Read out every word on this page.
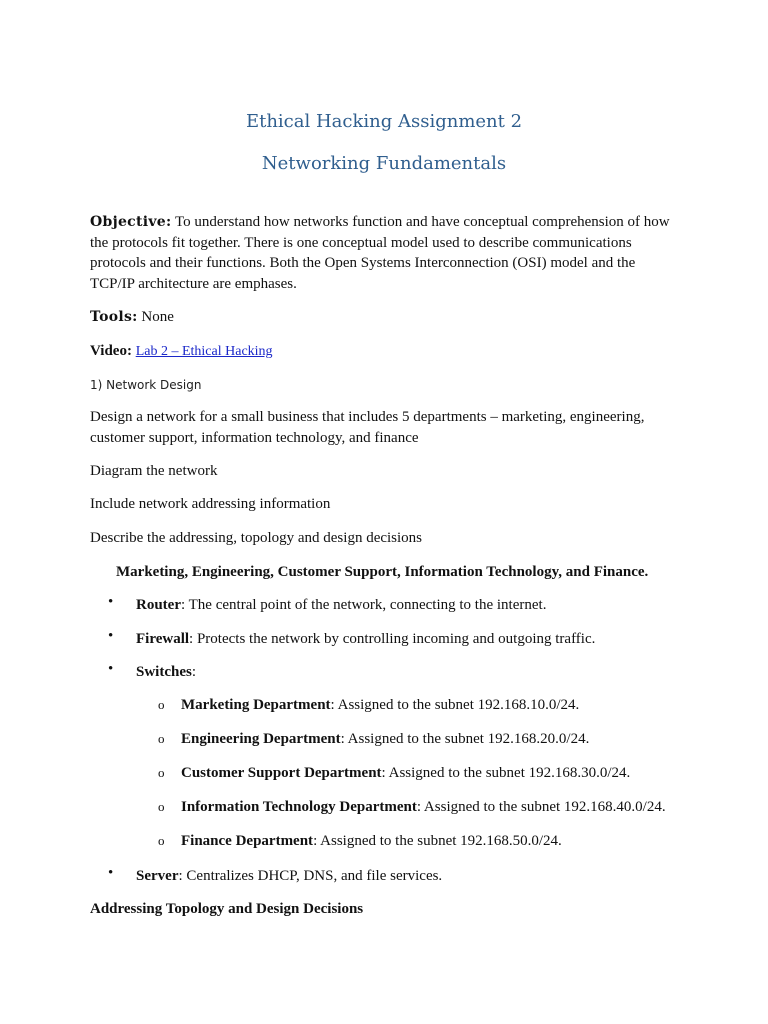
Ethical Hacking Assignment 2
Networking Fundamentals
Objective: To understand how networks function and have conceptual comprehension of how the protocols fit together. There is one conceptual model used to describe communications protocols and their functions. Both the Open Systems Interconnection (OSI) model and the TCP/IP architecture are emphases.
Tools: None
Video: Lab 2 – Ethical Hacking
1) Network Design
Design a network for a small business that includes 5 departments – marketing, engineering, customer support, information technology, and finance
Diagram the network
Include network addressing information
Describe the addressing, topology and design decisions
Marketing, Engineering, Customer Support, Information Technology, and Finance.
• Router: The central point of the network, connecting to the internet.
• Firewall: Protects the network by controlling incoming and outgoing traffic.
• Switches:
o Marketing Department: Assigned to the subnet 192.168.10.0/24.
o Engineering Department: Assigned to the subnet 192.168.20.0/24.
o Customer Support Department: Assigned to the subnet 192.168.30.0/24.
o Information Technology Department: Assigned to the subnet 192.168.40.0/24.
o Finance Department: Assigned to the subnet 192.168.50.0/24.
• Server: Centralizes DHCP, DNS, and file services.
Addressing Topology and Design Decisions
